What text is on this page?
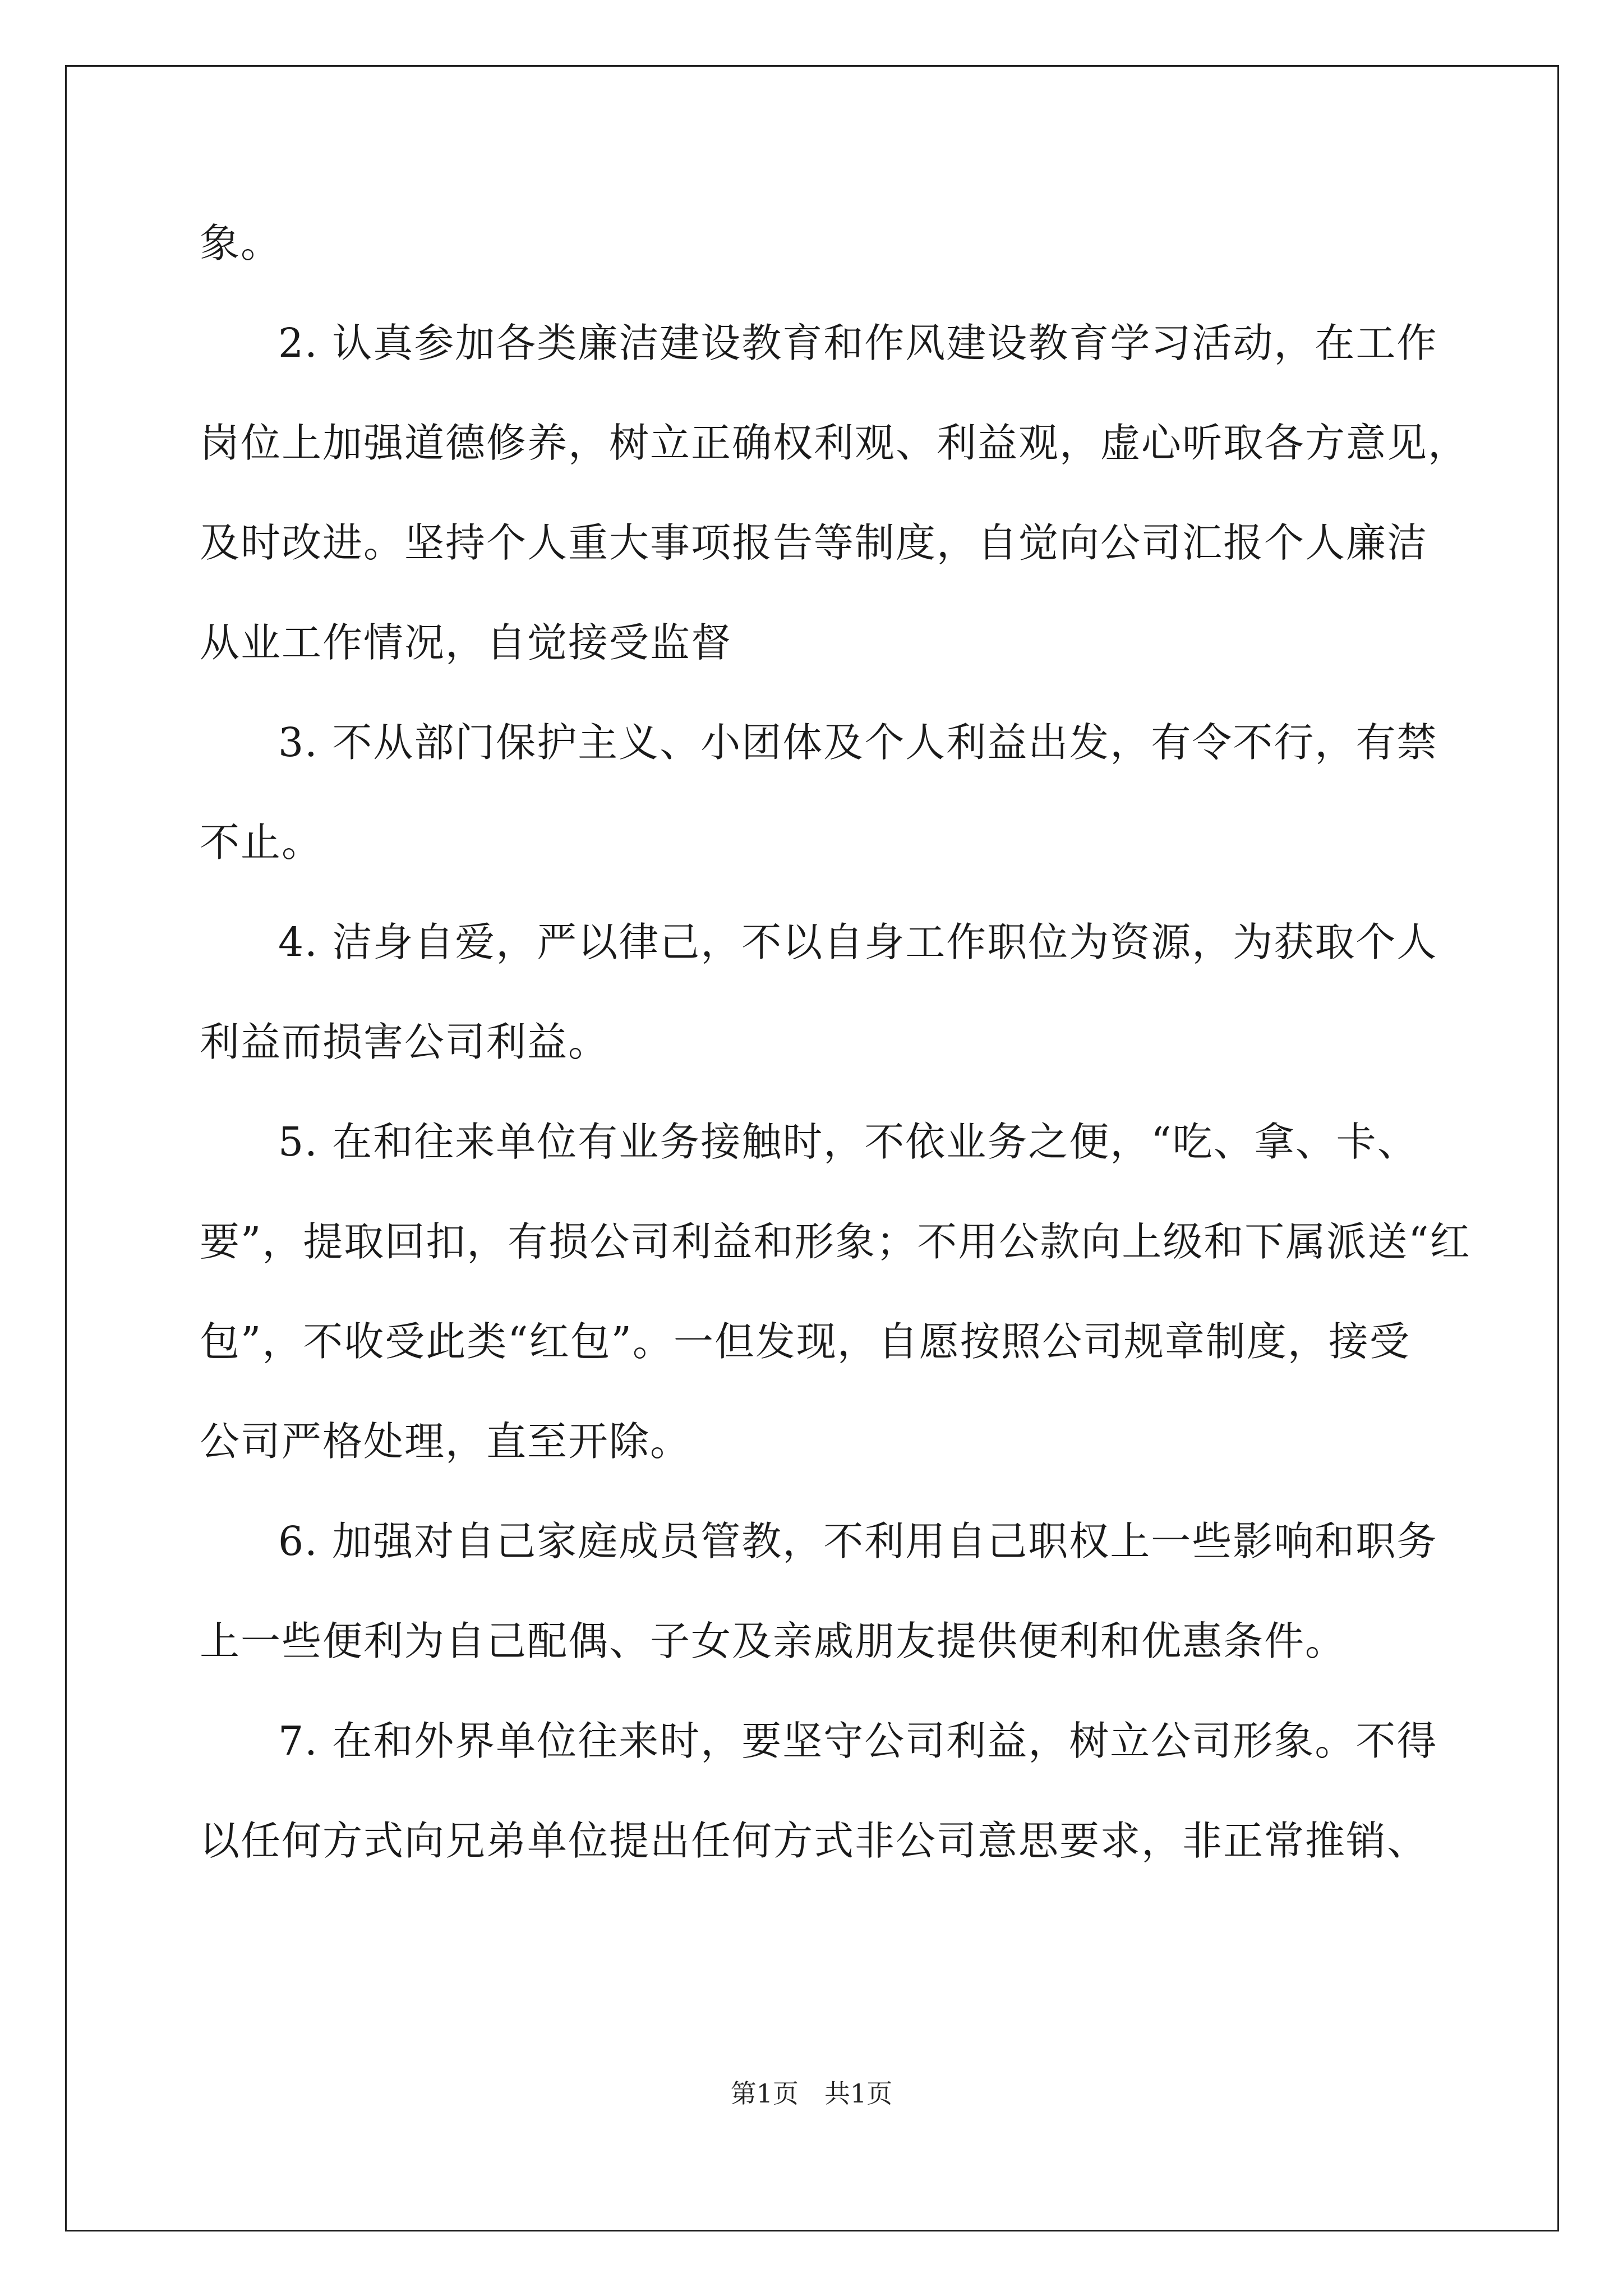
象。

2. 认真参加各类廉洁建设教育和作风建设教育学习活动，在工作

岗位上加强道德修养，树立正确权利观、利益观，虚心听取各方意见，

及时改进。坚持个人重大事项报告等制度，自觉向公司汇报个人廉洁

从业工作情况，自觉接受监督

3. 不从部门保护主义、小团体及个人利益出发，有令不行，有禁

不止。

4. 洁身自爱，严以律己，不以自身工作职位为资源，为获取个人

利益而损害公司利益。

5. 在和往来单位有业务接触时，不依业务之便，“吃、拿、卡、

要”，提取回扣，有损公司利益和形象；不用公款向上级和下属派送“红

包”，不收受此类“红包”。一但发现，自愿按照公司规章制度，接受

公司严格处理，直至开除。

6. 加强对自己家庭成员管教，不利用自己职权上一些影响和职务

上一些便利为自己配偶、子女及亲戚朋友提供便利和优惠条件。

7. 在和外界单位往来时，要坚守公司利益，树立公司形象。不得

以任何方式向兄弟单位提出任何方式非公司意思要求，非正常推销、

第1页　共1页
